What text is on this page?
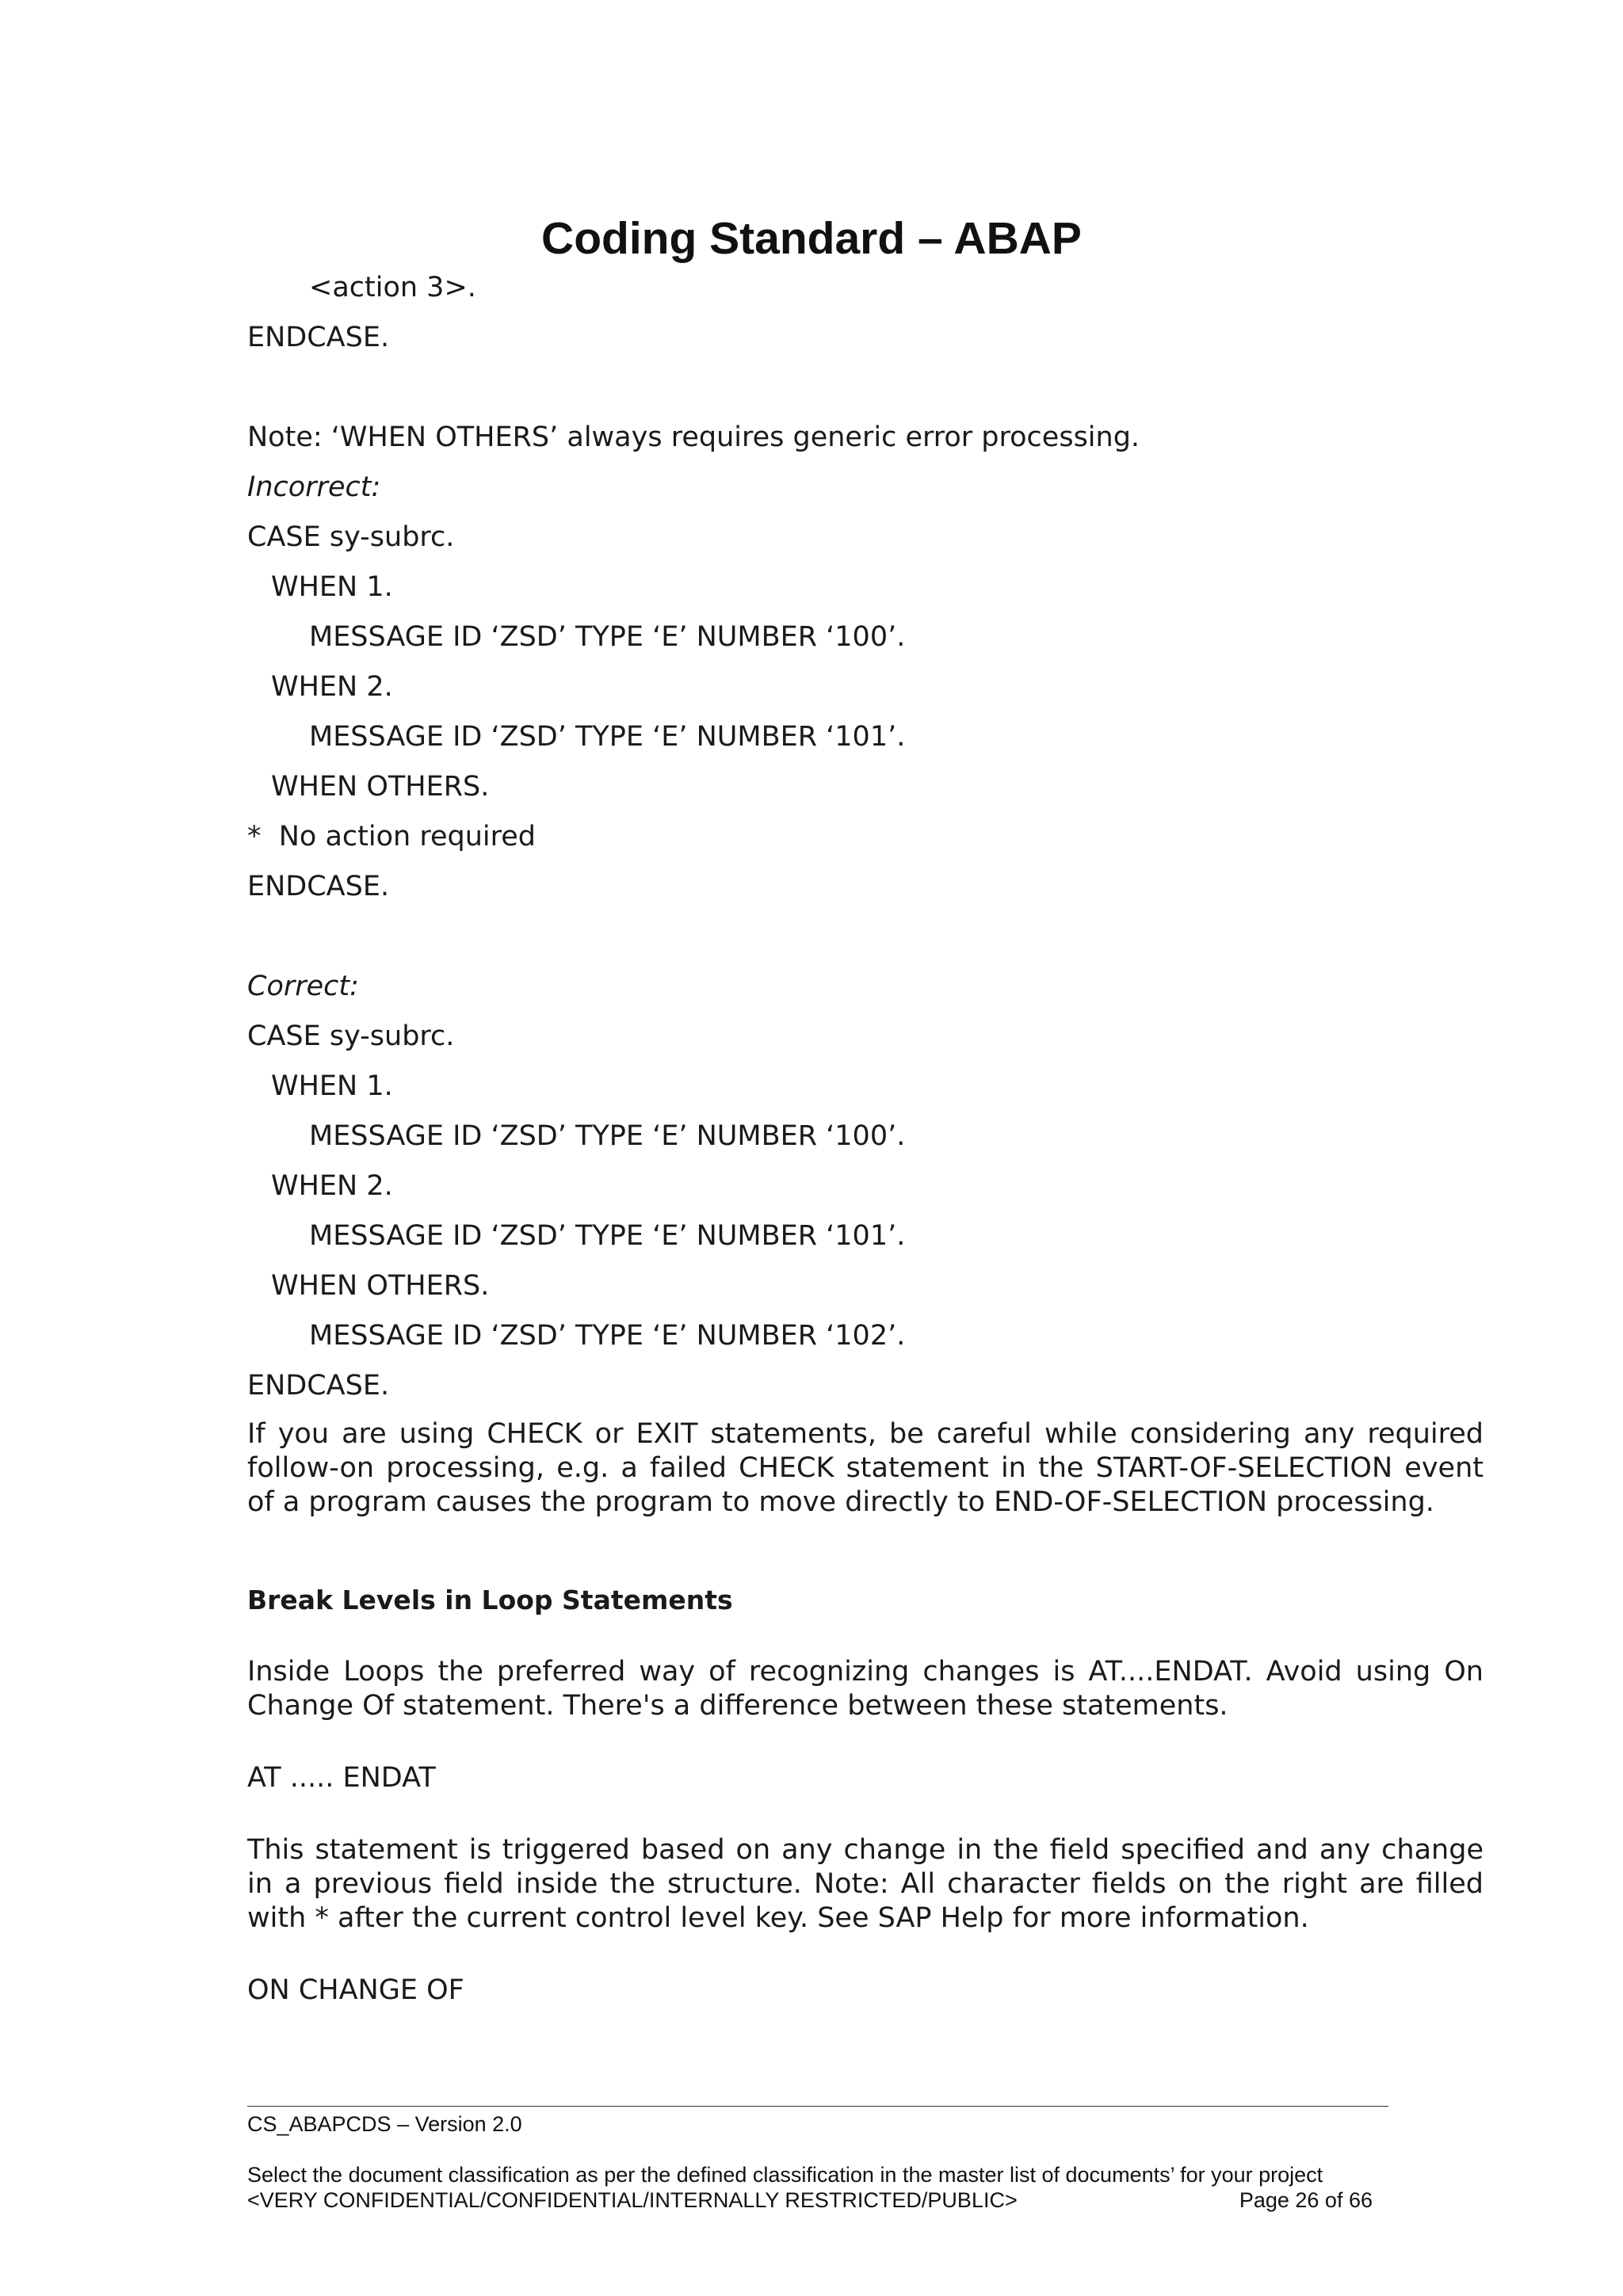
Coding Standard – ABAP
<action 3>.
ENDCASE.
Note: ‘WHEN OTHERS’ always requires generic error processing.
Incorrect:
CASE sy-subrc.
WHEN 1.
MESSAGE ID ‘ZSD’ TYPE ‘E’ NUMBER ‘100’.
WHEN 2.
MESSAGE ID ‘ZSD’ TYPE ‘E’ NUMBER ‘101’.
WHEN OTHERS.
*  No action required
ENDCASE.
Correct:
CASE sy-subrc.
WHEN 1.
MESSAGE ID ‘ZSD’ TYPE ‘E’ NUMBER ‘100’.
WHEN 2.
MESSAGE ID ‘ZSD’ TYPE ‘E’ NUMBER ‘101’.
WHEN OTHERS.
MESSAGE ID ‘ZSD’ TYPE ‘E’ NUMBER ‘102’.
ENDCASE.
If you are using CHECK or EXIT statements, be careful while considering any required follow-on processing, e.g. a failed CHECK statement in the START-OF-SELECTION event of a program causes the program to move directly to END-OF-SELECTION processing.
Break Levels in Loop Statements
Inside Loops the preferred way of recognizing changes is AT....ENDAT. Avoid using On Change Of statement. There's a difference between these statements.
AT ..... ENDAT
This statement is triggered based on any change in the field specified and any change in a previous field inside the structure. Note: All character fields on the right are filled with * after the current control level key. See SAP Help for more information.
ON CHANGE OF
CS_ABAPCDS – Version 2.0
Select the document classification as per the defined classification in the master list of documents’ for your project
<VERY CONFIDENTIAL/CONFIDENTIAL/INTERNALLY RESTRICTED/PUBLIC>	Page 26 of 66
